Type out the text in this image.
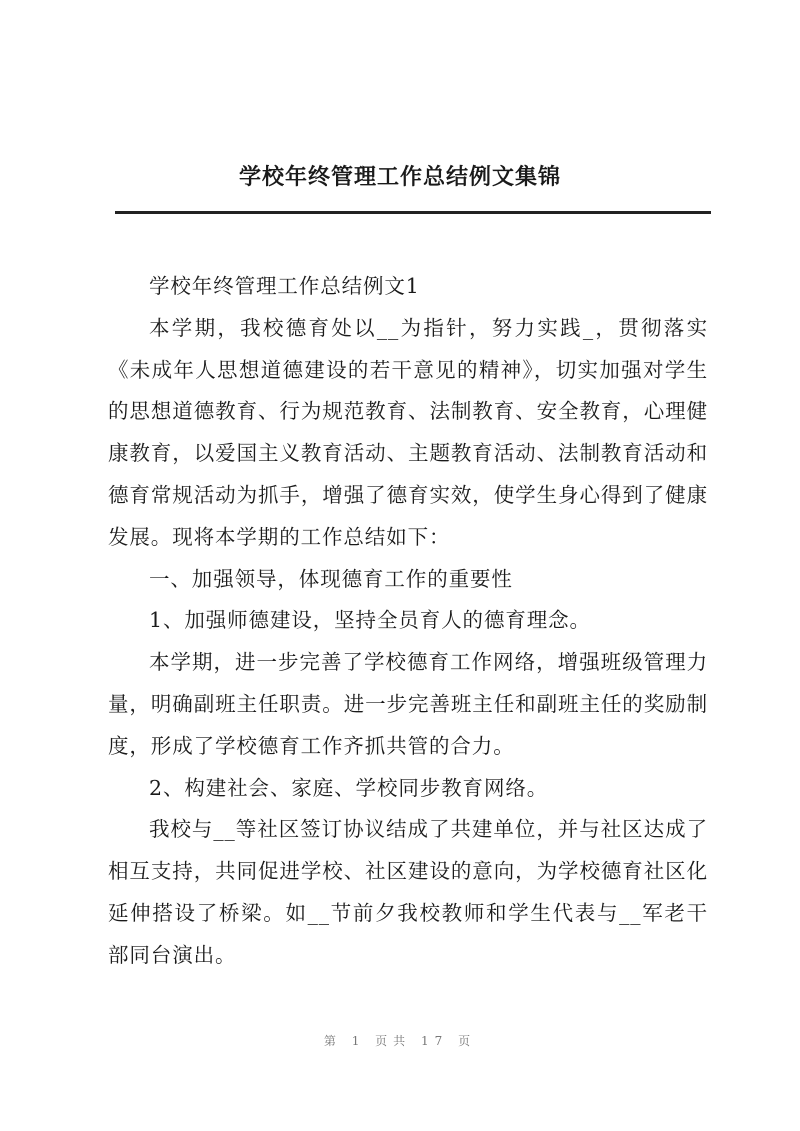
学校年终管理工作总结例文集锦

学校年终管理工作总结例文1

本学期，我校德育处以__为指针，努力实践_，贯彻落实《未成年人思想道德建设的若干意见的精神》，切实加强对学生的思想道德教育、行为规范教育、法制教育、安全教育，心理健康教育，以爱国主义教育活动、主题教育活动、法制教育活动和德育常规活动为抓手，增强了德育实效，使学生身心得到了健康发展。现将本学期的工作总结如下：

一、加强领导，体现德育工作的重要性

1、加强师德建设，坚持全员育人的德育理念。

本学期，进一步完善了学校德育工作网络，增强班级管理力量，明确副班主任职责。进一步完善班主任和副班主任的奖励制度，形成了学校德育工作齐抓共管的合力。

2、构建社会、家庭、学校同步教育网络。

我校与__等社区签订协议结成了共建单位，并与社区达成了相互支持，共同促进学校、社区建设的意向，为学校德育社区化延伸搭设了桥梁。如__节前夕我校教师和学生代表与__军老干部同台演出。

第 1 页共 17 页
